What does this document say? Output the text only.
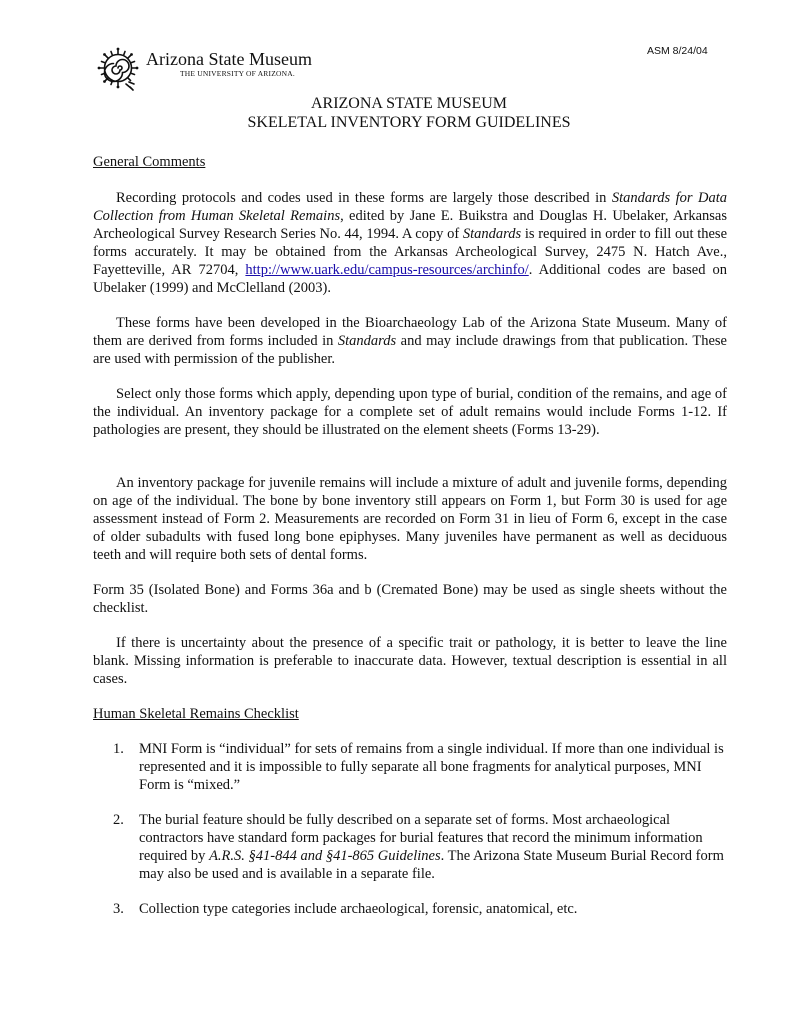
ASM 8/24/04
Arizona State Museum
THE UNIVERSITY OF ARIZONA.
ARIZONA STATE MUSEUM
SKELETAL INVENTORY FORM GUIDELINES
General Comments
Recording protocols and codes used in these forms are largely those described in Standards for Data Collection from Human Skeletal Remains, edited by Jane E. Buikstra and Douglas H. Ubelaker, Arkansas Archeological Survey Research Series No. 44, 1994. A copy of Standards is required in order to fill out these forms accurately. It may be obtained from the Arkansas Archeological Survey, 2475 N. Hatch Ave., Fayetteville, AR 72704, http://www.uark.edu/campus-resources/archinfo/. Additional codes are based on Ubelaker (1999) and McClelland (2003).
These forms have been developed in the Bioarchaeology Lab of the Arizona State Museum. Many of them are derived from forms included in Standards and may include drawings from that publication. These are used with permission of the publisher.
Select only those forms which apply, depending upon type of burial, condition of the remains, and age of the individual. An inventory package for a complete set of adult remains would include Forms 1-12. If pathologies are present, they should be illustrated on the element sheets (Forms 13-29).
An inventory package for juvenile remains will include a mixture of adult and juvenile forms, depending on age of the individual. The bone by bone inventory still appears on Form 1, but Form 30 is used for age assessment instead of Form 2. Measurements are recorded on Form 31 in lieu of Form 6, except in the case of older subadults with fused long bone epiphyses. Many juveniles have permanent as well as deciduous teeth and will require both sets of dental forms.
Form 35 (Isolated Bone) and Forms 36a and b (Cremated Bone) may be used as single sheets without the checklist.
If there is uncertainty about the presence of a specific trait or pathology, it is better to leave the line blank. Missing information is preferable to inaccurate data. However, textual description is essential in all cases.
Human Skeletal Remains Checklist
1.	MNI Form is “individual” for sets of remains from a single individual. If more than one individual is represented and it is impossible to fully separate all bone fragments for analytical purposes, MNI Form is “mixed.”
2.	The burial feature should be fully described on a separate set of forms. Most archaeological contractors have standard form packages for burial features that record the minimum information required by A.R.S. §41-844 and §41-865 Guidelines. The Arizona State Museum Burial Record form may also be used and is available in a separate file.
3.	Collection type categories include archaeological, forensic, anatomical, etc.
